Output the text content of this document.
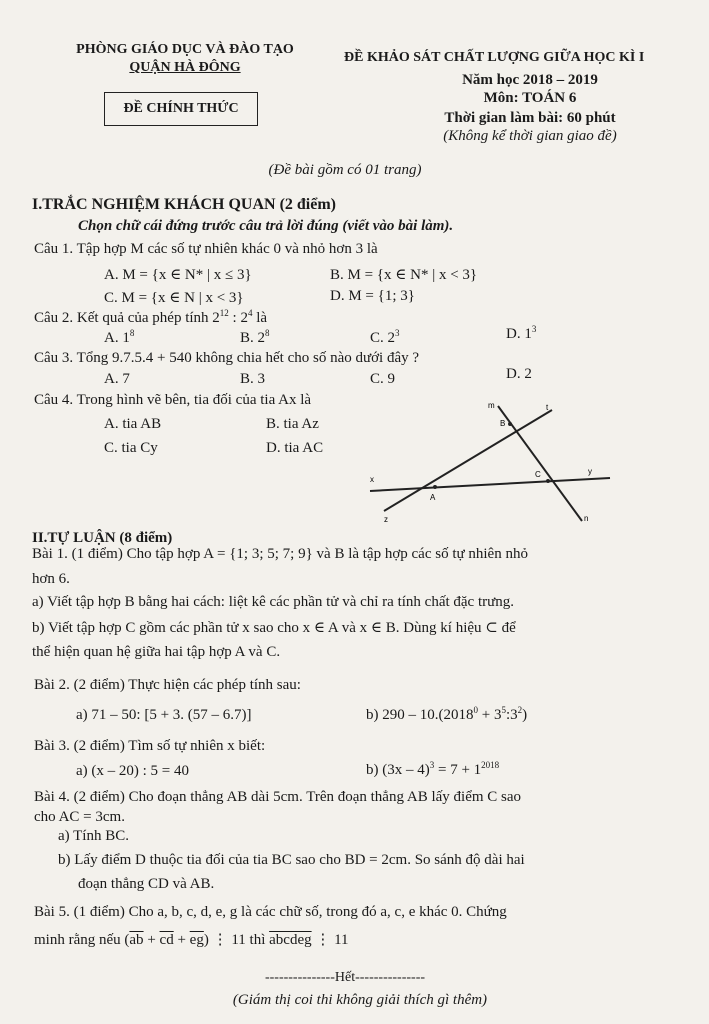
PHÒNG GIÁO DỤC VÀ ĐÀO TẠO
QUẬN HÀ ĐÔNG
ĐỀ CHÍNH THỨC
ĐỀ KHẢO SÁT CHẤT LƯỢNG GIỮA HỌC KÌ I
Năm học 2018 – 2019
Môn: TOÁN 6
Thời gian làm bài: 60 phút
(Không kể thời gian giao đề)
(Đề bài gồm có 01 trang)
I.TRẮC NGHIỆM KHÁCH QUAN (2 điểm)
Chọn chữ cái đứng trước câu trả lời đúng (viết vào bài làm).
Câu 1. Tập hợp M các số tự nhiên khác 0 và nhỏ hơn 3 là
A. M = {x ∈ N* | x ≤ 3}	B. M = {x ∈ N* | x < 3}
C. M = {x ∈ N | x < 3}	D. M = {1; 3}
Câu 2. Kết quả của phép tính $2^{12}$ : $2^4$ là
A. $1^8$	B. $2^8$	C. $2^3$	D. $1^3$
Câu 3. Tổng 9.7.5.4 + 540 không chia hết cho số nào dưới đây ?
A. 7	B. 3	C. 9	D. 2
Câu 4. Trong hình vẽ bên, tia đối của tia Ax là
A. tia AB	B. tia Az
C. tia Cy	D. tia AC
m	t
B
x
y
A
C
z	n
II.TỰ LUẬN (8 điểm)
Bài 1. (1 điểm) Cho tập hợp A = {1; 3; 5; 7; 9} và B là tập hợp các số tự nhiên nhỏ
hơn 6.
a) Viết tập hợp B bằng hai cách: liệt kê các phần tử và chỉ ra tính chất đặc trưng.
b) Viết tập hợp C gồm các phần tử x sao cho x ∈ A và x ∈ B. Dùng kí hiệu ⊂ để
thể hiện quan hệ giữa hai tập hợp A và C.
Bài 2. (2 điểm) Thực hiện các phép tính sau:
a) 71 – 50: [5 + 3. (57 – 6.7)]	b) $290 - 10.(2018^0$ + $3^5:3^2$)
Bài 3. (2 điểm) Tìm số tự nhiên x biết:
a) (x – 20) : 5 = 40	b) $(3x - 4)^3 = 7 + 1^{2018}$
Bài 4. (2 điểm) Cho đoạn thẳng AB dài 5cm. Trên đoạn thẳng AB lấy điểm C sao
cho AC = 3cm.
a) Tính BC.
b) Lấy điểm D thuộc tia đối của tia BC sao cho BD = 2cm. So sánh độ dài hai
đoạn thẳng CD và AB.
Bài 5. (1 điểm) Cho a, b, c, d, e, g là các chữ số, trong đó a, c, e khác 0. Chứng
minh rằng nếu $(\overline{ab} + \overline{cd} + \overline{eg})$ ⋮ 11 thì abcdeg ⋮ 11
---------------Hết---------------
(Giám thị coi thi không giải thích gì thêm)
